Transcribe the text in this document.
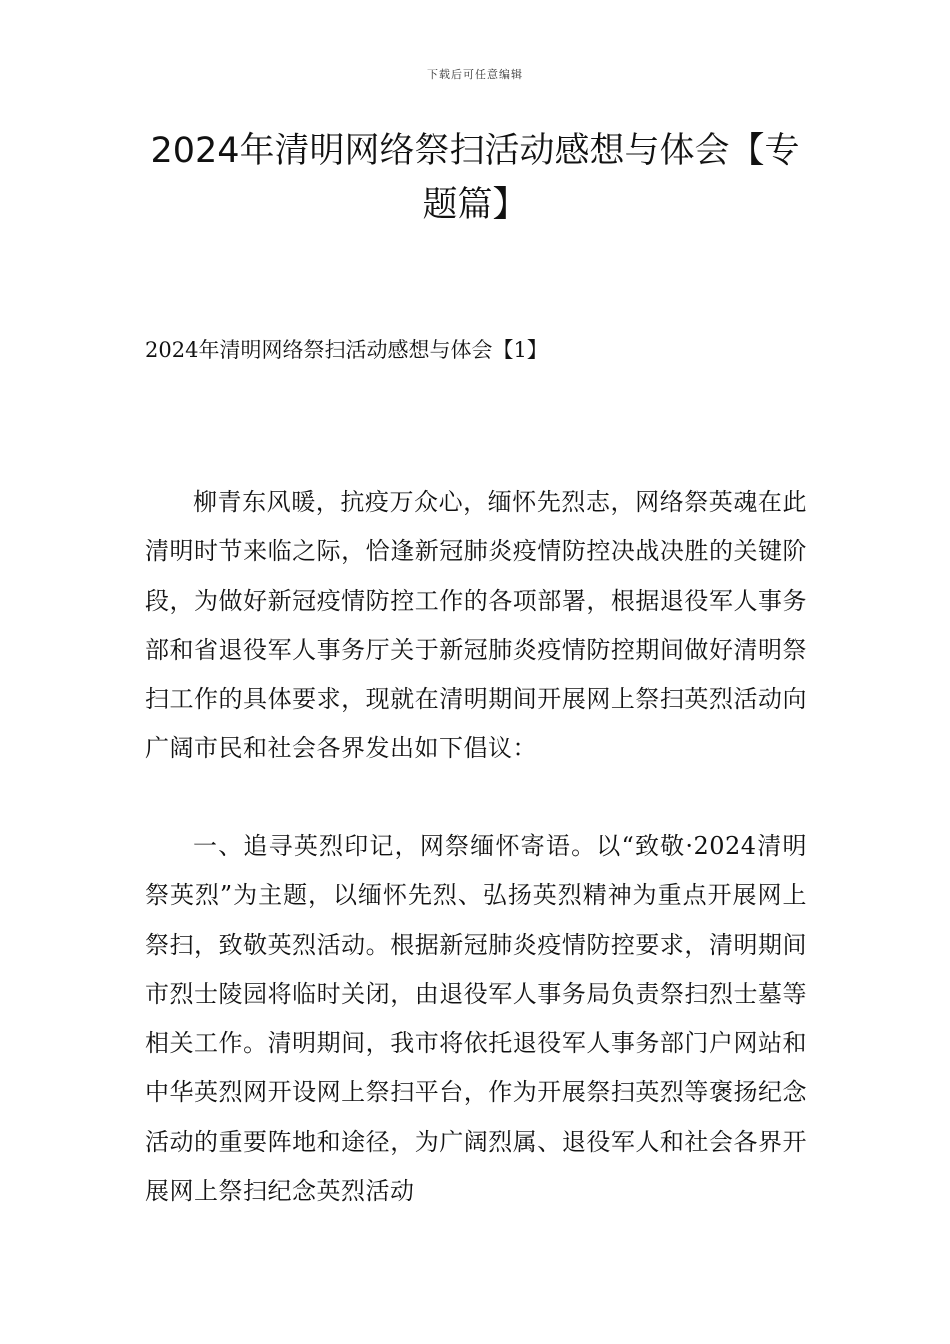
下载后可任意编辑
2024年清明网络祭扫活动感想与体会【专题篇】
2024年清明网络祭扫活动感想与体会【1】

柳青东风暖，抗疫万众心，缅怀先烈志，网络祭英魂在此清明时节来临之际，恰逢新冠肺炎疫情防控决战决胜的关键阶段，为做好新冠疫情防控工作的各项部署，根据退役军人事务部和省退役军人事务厅关于新冠肺炎疫情防控期间做好清明祭扫工作的具体要求，现就在清明期间开展网上祭扫英烈活动向广阔市民和社会各界发出如下倡议：

一、追寻英烈印记，网祭缅怀寄语。以“致敬·2024清明祭英烈”为主题，以缅怀先烈、弘扬英烈精神为重点开展网上祭扫，致敬英烈活动。根据新冠肺炎疫情防控要求，清明期间市烈士陵园将临时关闭，由退役军人事务局负责祭扫烈士墓等相关工作。清明期间，我市将依托退役军人事务部门户网站和中华英烈网开设网上祭扫平台，作为开展祭扫英烈等褒扬纪念活动的重要阵地和途径，为广阔烈属、退役军人和社会各界开展网上祭扫纪念英烈活动
